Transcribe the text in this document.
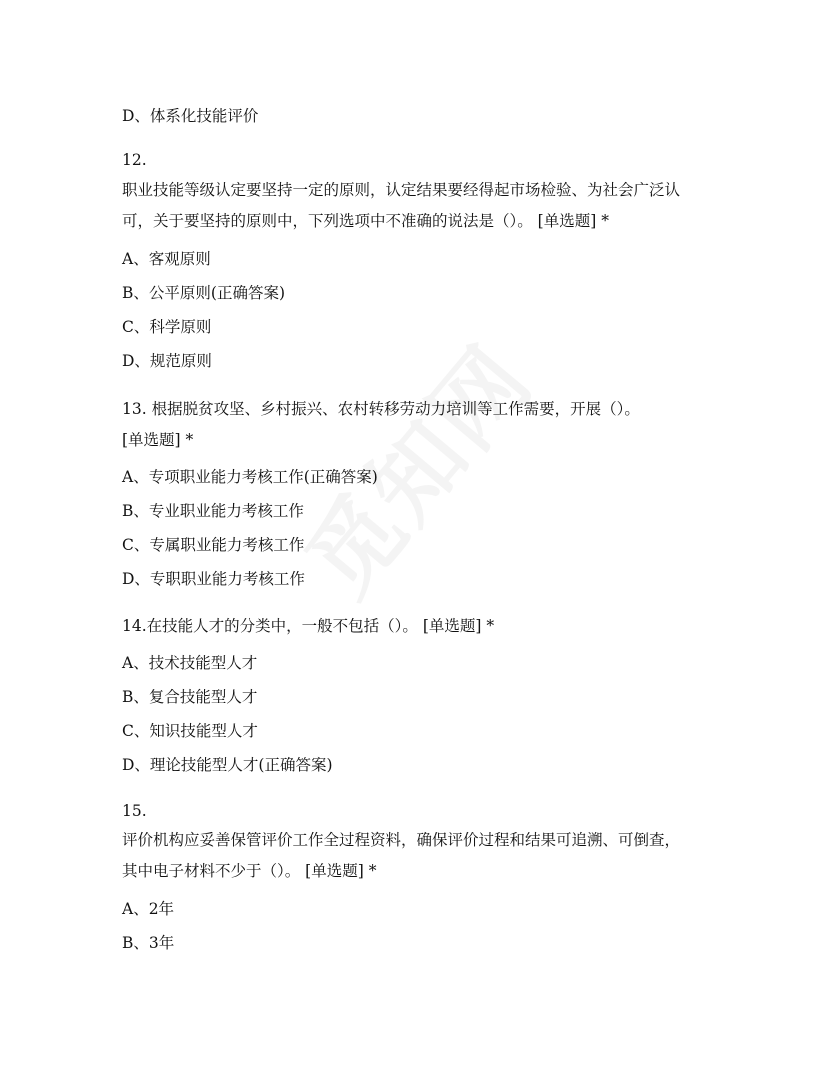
D、体系化技能评价
12.
职业技能等级认定要坚持一定的原则，认定结果要经得起市场检验、为社会广泛认
可，关于要坚持的原则中，下列选项中不准确的说法是（）。 [单选题] *
A、客观原则
B、公平原则(正确答案)
C、科学原则
D、规范原则
13. 根据脱贫攻坚、乡村振兴、农村转移劳动力培训等工作需要，开展（）。
[单选题] *
A、专项职业能力考核工作(正确答案)
B、专业职业能力考核工作
C、专属职业能力考核工作
D、专职职业能力考核工作
14.在技能人才的分类中，一般不包括（）。 [单选题] *
A、技术技能型人才
B、复合技能型人才
C、知识技能型人才
D、理论技能型人才(正确答案)
15.
评价机构应妥善保管评价工作全过程资料，确保评价过程和结果可追溯、可倒查，
其中电子材料不少于（）。 [单选题] *
A、2年
B、3年
